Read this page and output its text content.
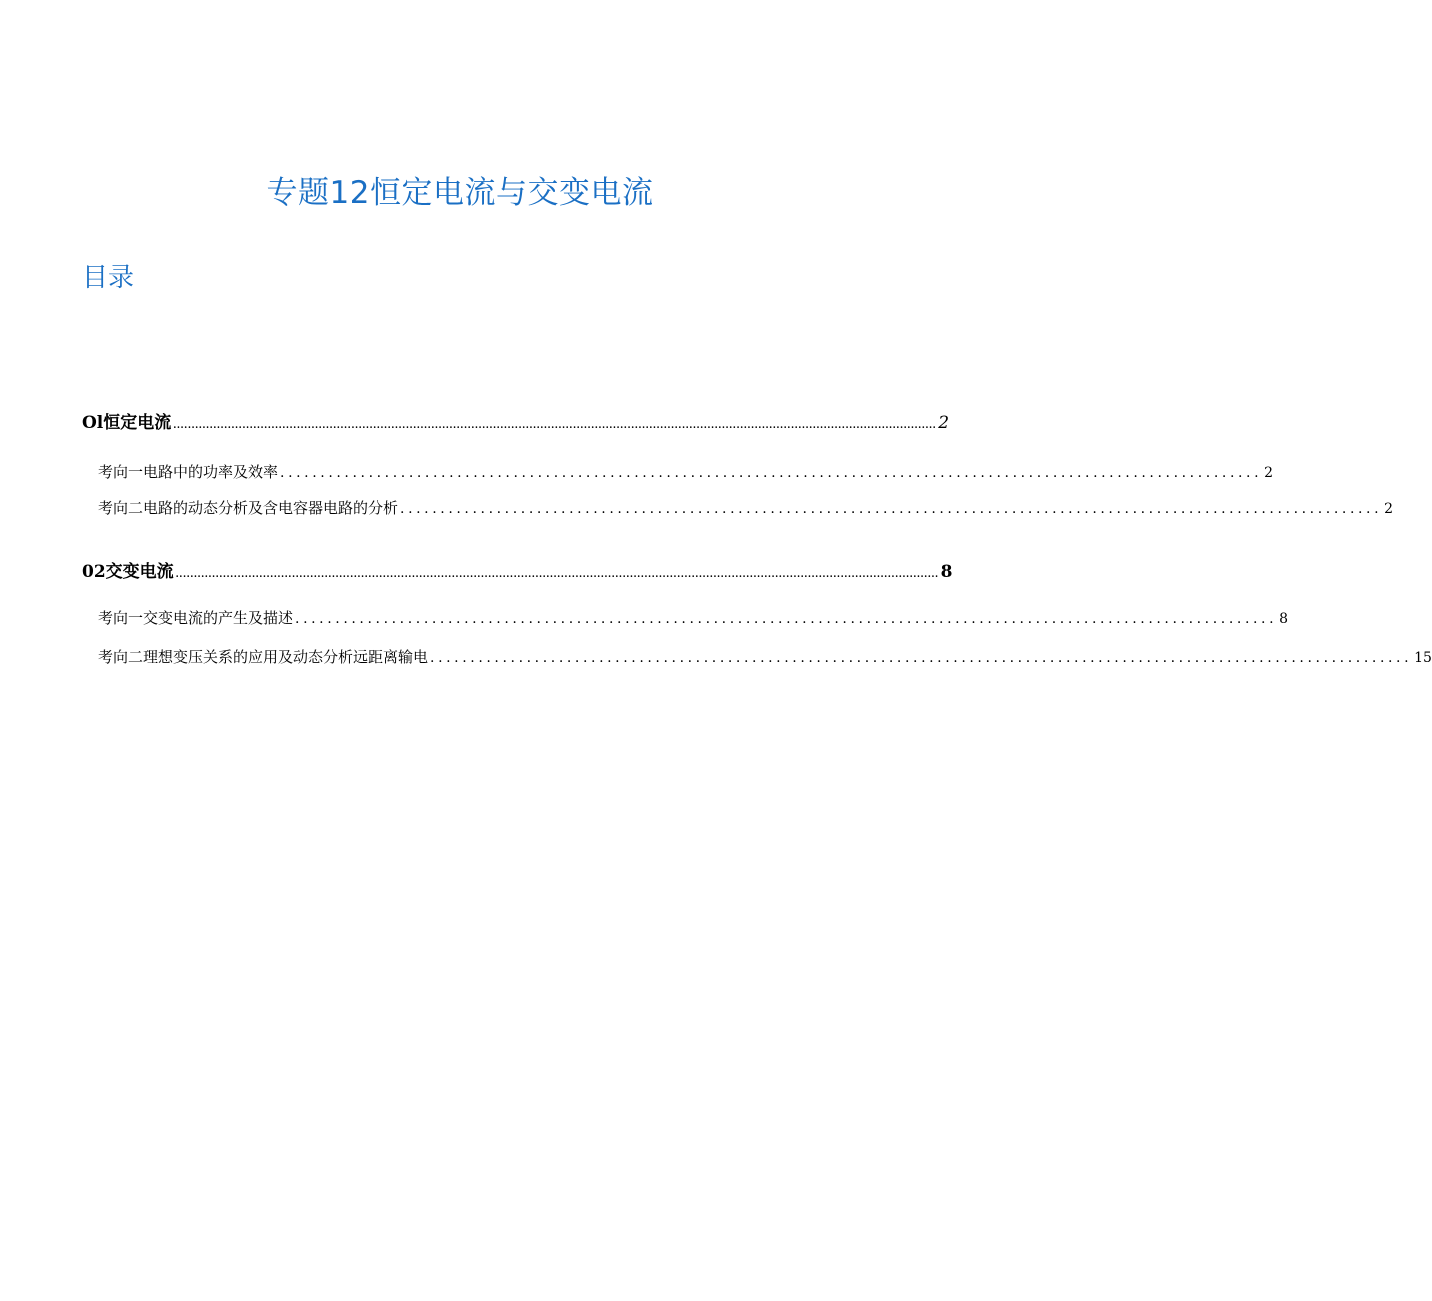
专题12恒定电流与交变电流
目录
Ol恒定电流 .................................................................................................................................................................................................................. 2
考向一电路中的功率及效率 .......................................................................................................................... 2
考向二电路的动态分析及含电容器电路的分析 .......................................................................................................................... 2
02交变电流 .................................................................................................................................................................................................................. 8
考向一交变电流的产生及描述 .......................................................................................................................... 8
考向二理想变压关系的应用及动态分析远距离输电 .......................................................................................................................... 15
